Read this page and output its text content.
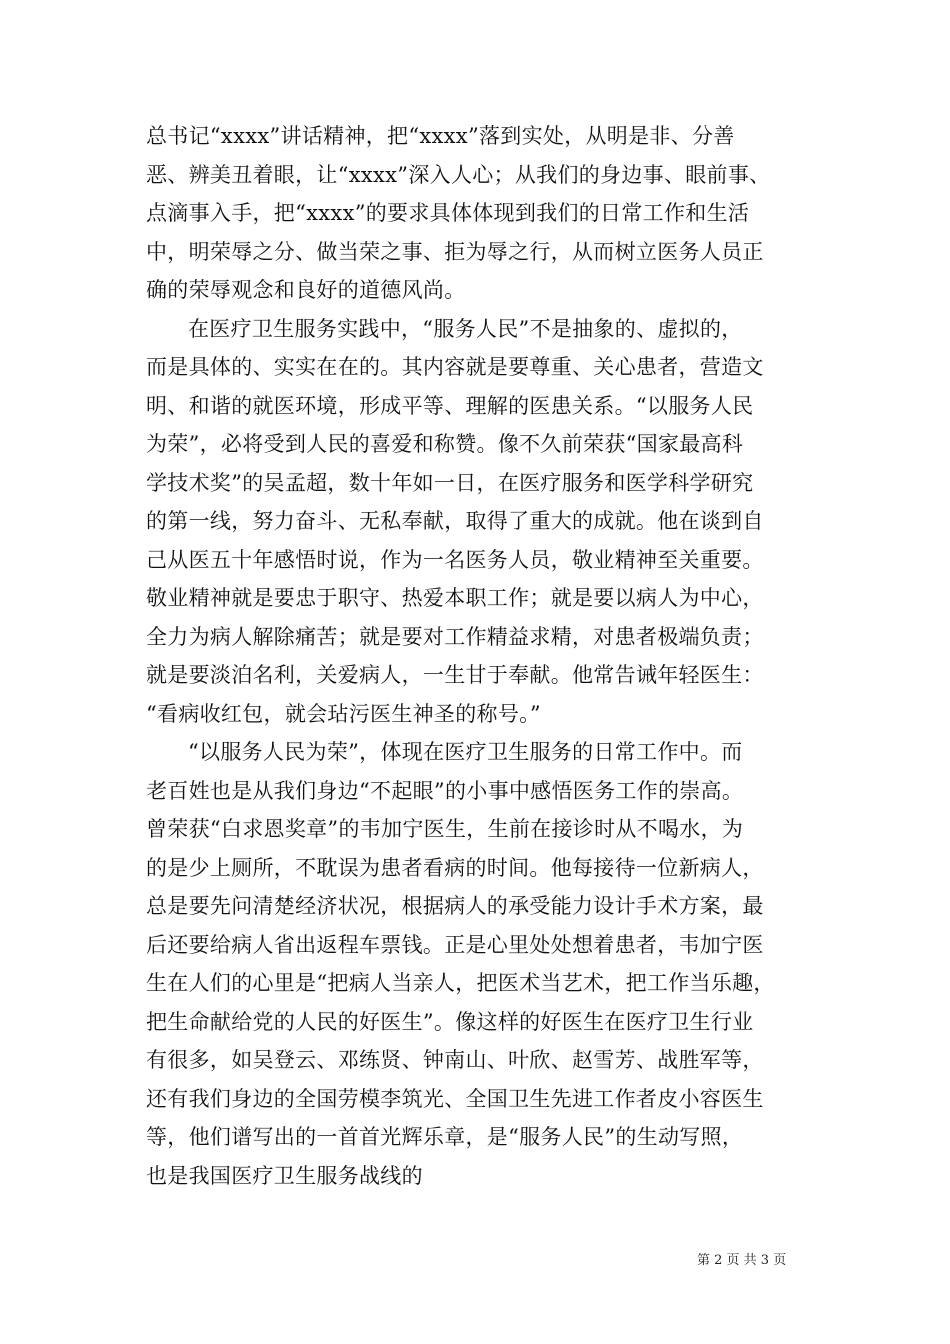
总书记“xxxx”讲话精神，把“xxxx”落到实处，从明是非、分善
恶、辨美丑着眼，让“xxxx”深入人心；从我们的身边事、眼前事、
点滴事入手，把“xxxx”的要求具体体现到我们的日常工作和生活
中，明荣辱之分、做当荣之事、拒为辱之行，从而树立医务人员正
确的荣辱观念和良好的道德风尚。
在医疗卫生服务实践中，“服务人民”不是抽象的、虚拟的，
而是具体的、实实在在的。其内容就是要尊重、关心患者，营造文
明、和谐的就医环境，形成平等、理解的医患关系。“以服务人民
为荣”，必将受到人民的喜爱和称赞。像不久前荣获“国家最高科
学技术奖”的吴孟超，数十年如一日，在医疗服务和医学科学研究
的第一线，努力奋斗、无私奉献，取得了重大的成就。他在谈到自
己从医五十年感悟时说，作为一名医务人员，敬业精神至关重要。
敬业精神就是要忠于职守、热爱本职工作；就是要以病人为中心，
全力为病人解除痛苦；就是要对工作精益求精，对患者极端负责；
就是要淡泊名利，关爱病人，一生甘于奉献。他常告诫年轻医生：
“看病收红包，就会玷污医生神圣的称号。”
“以服务人民为荣”，体现在医疗卫生服务的日常工作中。而
老百姓也是从我们身边“不起眼”的小事中感悟医务工作的崇高。
曾荣获“白求恩奖章”的韦加宁医生，生前在接诊时从不喝水，为
的是少上厕所，不耽误为患者看病的时间。他每接待一位新病人，
总是要先问清楚经济状况，根据病人的承受能力设计手术方案，最
后还要给病人省出返程车票钱。正是心里处处想着患者，韦加宁医
生在人们的心里是“把病人当亲人，把医术当艺术，把工作当乐趣，
把生命献给党的人民的好医生”。像这样的好医生在医疗卫生行业
有很多，如吴登云、邓练贤、钟南山、叶欣、赵雪芳、战胜军等，
还有我们身边的全国劳模李筑光、全国卫生先进工作者皮小容医生
等，他们谱写出的一首首光辉乐章，是“服务人民”的生动写照，
也是我国医疗卫生服务战线的
第 2 页 共 3 页
